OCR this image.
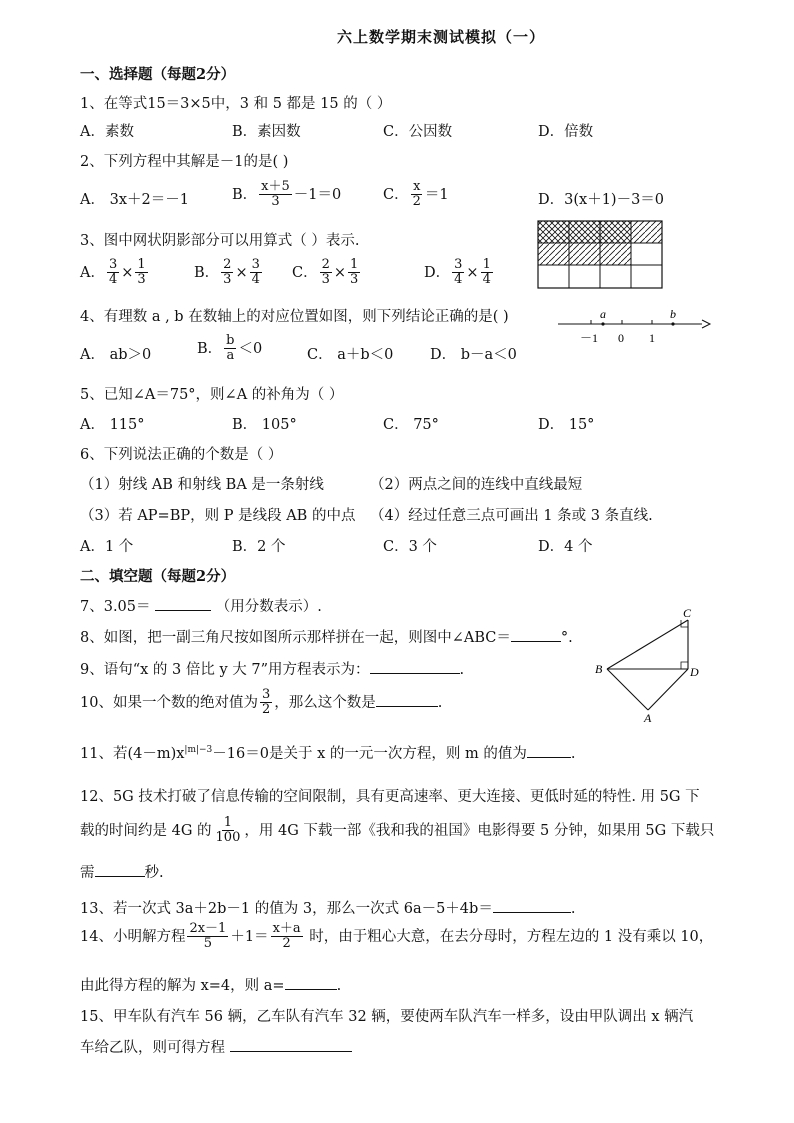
六上数学期末测试模拟（一）
一、选择题（每题2分）
1、在等式15＝3×5中，3 和 5 都是 15 的（ ）
A．素数	B．素因数	C．公因数	D．倍数
2、下列方程中其解是－1的是( )
A． 3x＋2＝－1	B． $\frac{x+5}{3} -1=0$	C． $\frac{x}{2} =1$	D．3(x＋1)－3＝0
3、图中网状阴影部分可以用算式（ ）表示.
A． $\frac{3}{4} \times \frac{1}{3}$	B． $\frac{2}{3} \times \frac{3}{4}$ C． $\frac{2}{3} \times \frac{1}{3}$	D． $\frac{3}{4} \times \frac{1}{4}$
4、有理数 a , b 在数轴上的对应位置如图，则下列结论正确的是( )
A． ab＞0	B． $\frac{b}{a} <0$	C． a＋b＜0	D． b－a＜0
a	b
－1 0 1
5、已知∠A＝75°，则∠A 的补角为（ ）
A． 115°	B． 105°	C． 75°	D． 15°
6、下列说法正确的个数是（ ）
（1）射线 AB 和射线 BA 是一条射线	（2）两点之间的连线中直线最短
（3）若 AP=BP，则 P 是线段 AB 的中点 （4）经过任意三点可画出 1 条或 3 条直线.
A．1 个	B．2 个	C．3 个	D．4 个
二、填空题（每题2分）
7、3.05＝	（用分数表示）.
8、如图，把一副三角尺按如图所示那样拼在一起，则图中∠ABC＝	°.
C
B	D
A
9、语句“x 的 3 倍比 y 大 7”用方程表示为：	.
10、如果一个数的绝对值为 $\frac{3}{2}$ ，那么这个数是	.
11、若$(4-m)x^{|m|-3}-16=0$是关于 x 的一元一次方程，则 m 的值为	.
12、5G 技术打破了信息传输的空间限制，具有更高速率、更大连接、更低时延的特性. 用 5G 下
载的时间约是 4G 的 $\frac{1}{100}$ ，用 4G 下载一部《我和我的祖国》电影得要 5 分钟，如果用 5G 下载只
需	秒.
13、若一次式 3a＋2b－1 的值为 3，那么一次式 6a－5＋4b＝	.
14、小明解方程 $\frac{2x-1}{5} +1= \frac{x+a}{2}$ 时，由于粗心大意，在去分母时，方程左边的 1 没有乘以 10，
由此得方程的解为 x=4，则 a=	.
15、甲车队有汽车 56 辆，乙车队有汽车 32 辆，要使两车队汽车一样多，设由甲队调出 x 辆汽
车给乙队，则可得方程
